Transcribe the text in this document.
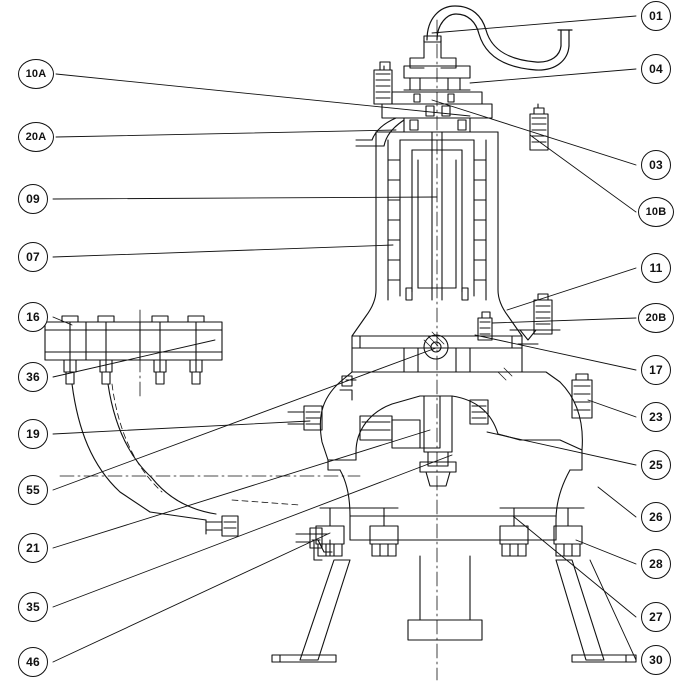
01
04
10A
20A
03
10B
09
07
11
16	20B
36	17
23
19
25
55
26
21
28
35
27
46	30
